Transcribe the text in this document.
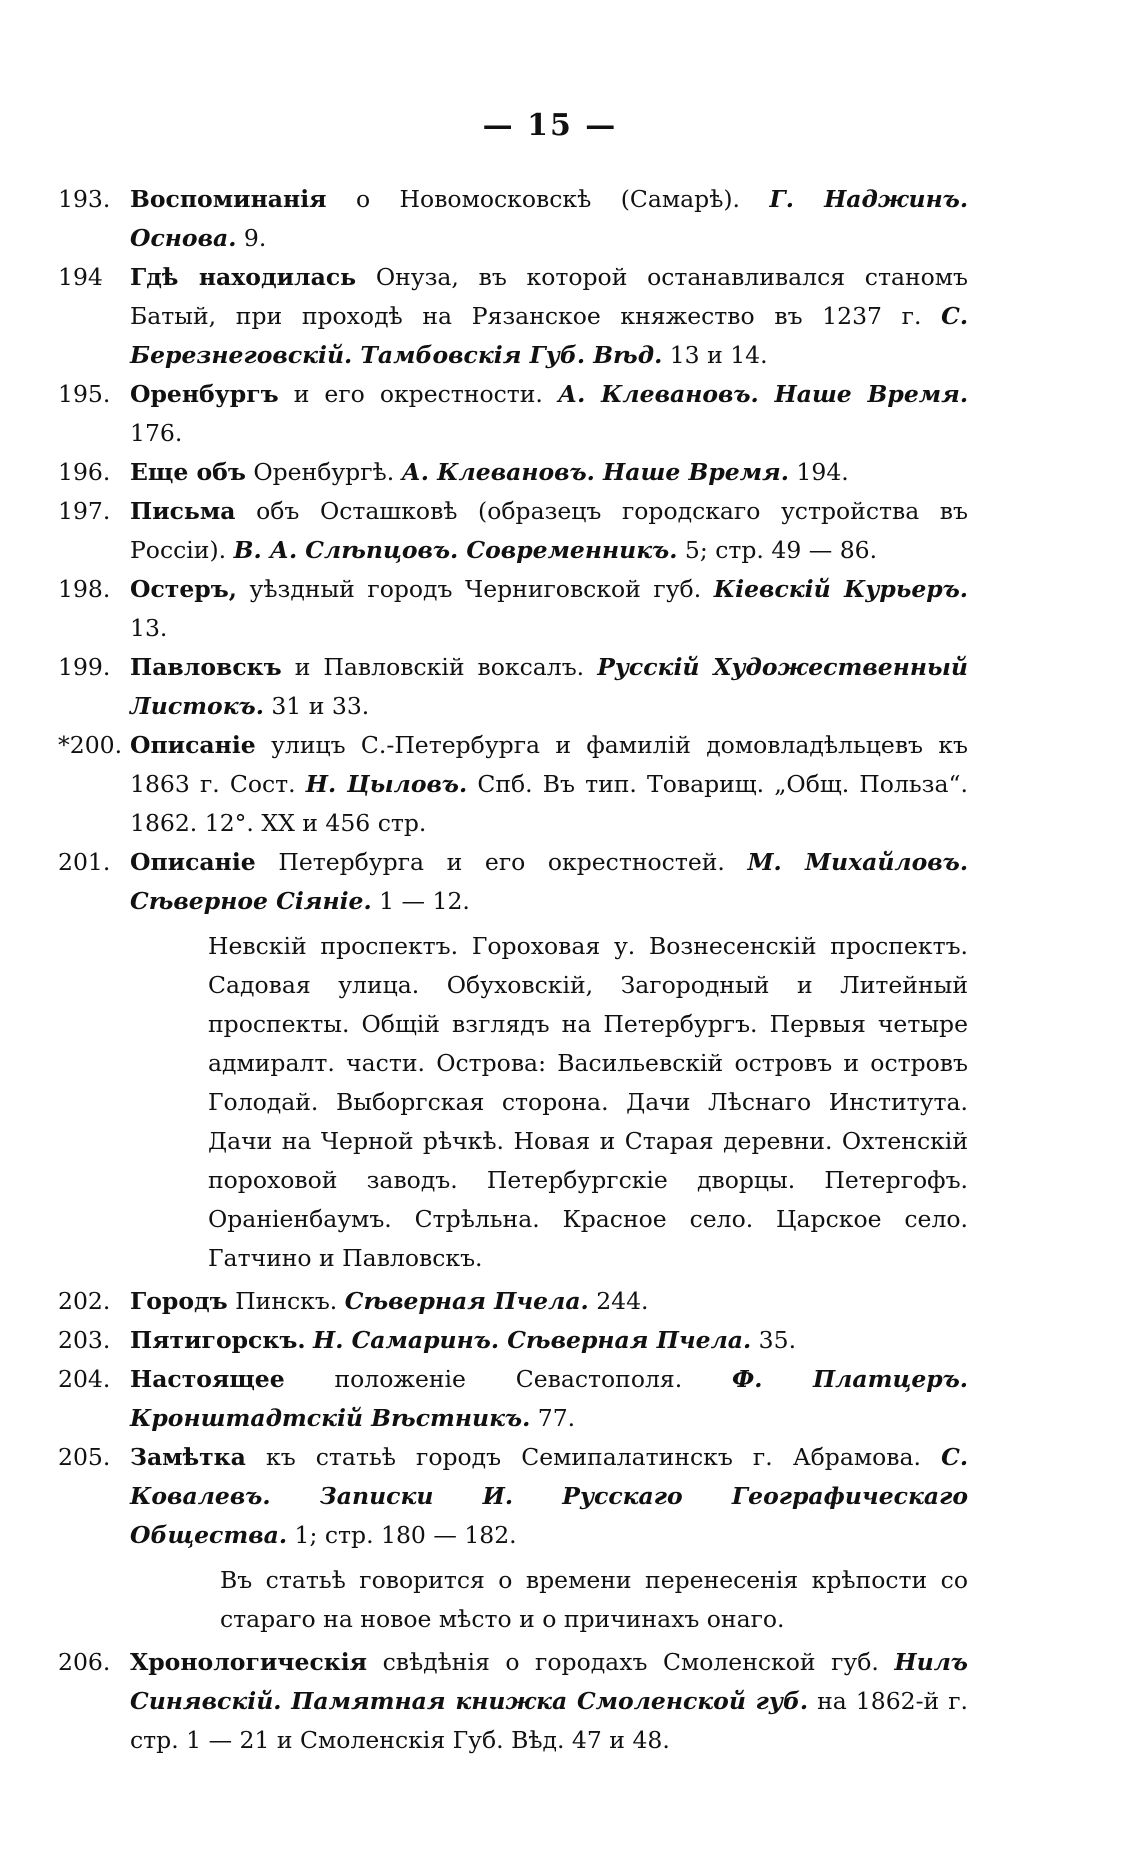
— 15 —
193. Воспоминанія о Новомосковскѣ (Самарѣ). Г. Наджинъ. Основа. 9.
194	Гдѣ находилась Онуза, въ которой останавливался станомъ Батый, при проходѣ на Рязанское княжество въ 1237 г. С. Березнеговскій. Тамбовскія Губ. Вѣд. 13 и 14.
195. Оренбургъ и его окрестности. А. Клевановъ. Наше Время. 176.
196. Еще объ Оренбургѣ. А. Клевановъ. Наше Время. 194.
197. Письма объ Осташковѣ (образецъ городскаго устройства въ Россіи). В. А. Слѣпцовъ. Современникъ. 5; стр. 49 — 86.
198. Остеръ, уѣздный городъ Черниговской губ. Кіевскій Курьеръ. 13.
199. Павловскъ и Павловскій воксалъ. Русскій Художественный Листокъ. 31 и 33.
*200. Описаніе улицъ С.-Петербурга и фамилій домовладѣльцевъ къ 1863 г. Сост. Н. Цыловъ. Спб. Въ тип. Товарищ. „Общ. Польза“. 1862. 12°. XX и 456 стр.
201. Описаніе Петербурга и его окрестностей. М. Михайловъ. Сѣверное Сіяніе. 1 — 12.
Невскій проспектъ. Гороховая у. Вознесенскій проспектъ. Садовая улица. Обуховскій, Загородный и Литейный проспекты. Общій взглядъ на Петербургъ. Первыя четыре адмиралт. части. Острова: Васильевскій островъ и островъ Голодай. Выборгская сторона. Дачи Лѣснаго Института. Дачи на Черной рѣчкѣ. Новая и Старая деревни. Охтенскій пороховой заводъ. Петербургскіе дворцы. Петергофъ. Ораніенбаумъ. Стрѣльна. Красное село. Царское село. Гатчино и Павловскъ.
202. Городъ Пинскъ. Сѣверная Пчела. 244.
203. Пятигорскъ. Н. Самаринъ. Сѣверная Пчела. 35.
204. Настоящее положеніе Севастополя. Ф. Платцеръ. Кронштадтскій Вѣстникъ. 77.
205. Замѣтка къ статьѣ городъ Семипалатинскъ г. Абрамова. С. Ковалевъ. Записки И. Русскаго Географическаго Общества. 1; стр. 180 — 182.
Въ статьѣ говорится о времени перенесенія крѣпости со стараго на новое мѣсто и о причинахъ онаго.
206. Хронологическія свѣдѣнія о городахъ Смоленской губ. Нилъ Синявскій. Памятная книжка Смоленской губ. на 1862-й г. стр. 1 — 21 и Смоленскія Губ. Вѣд. 47 и 48.
